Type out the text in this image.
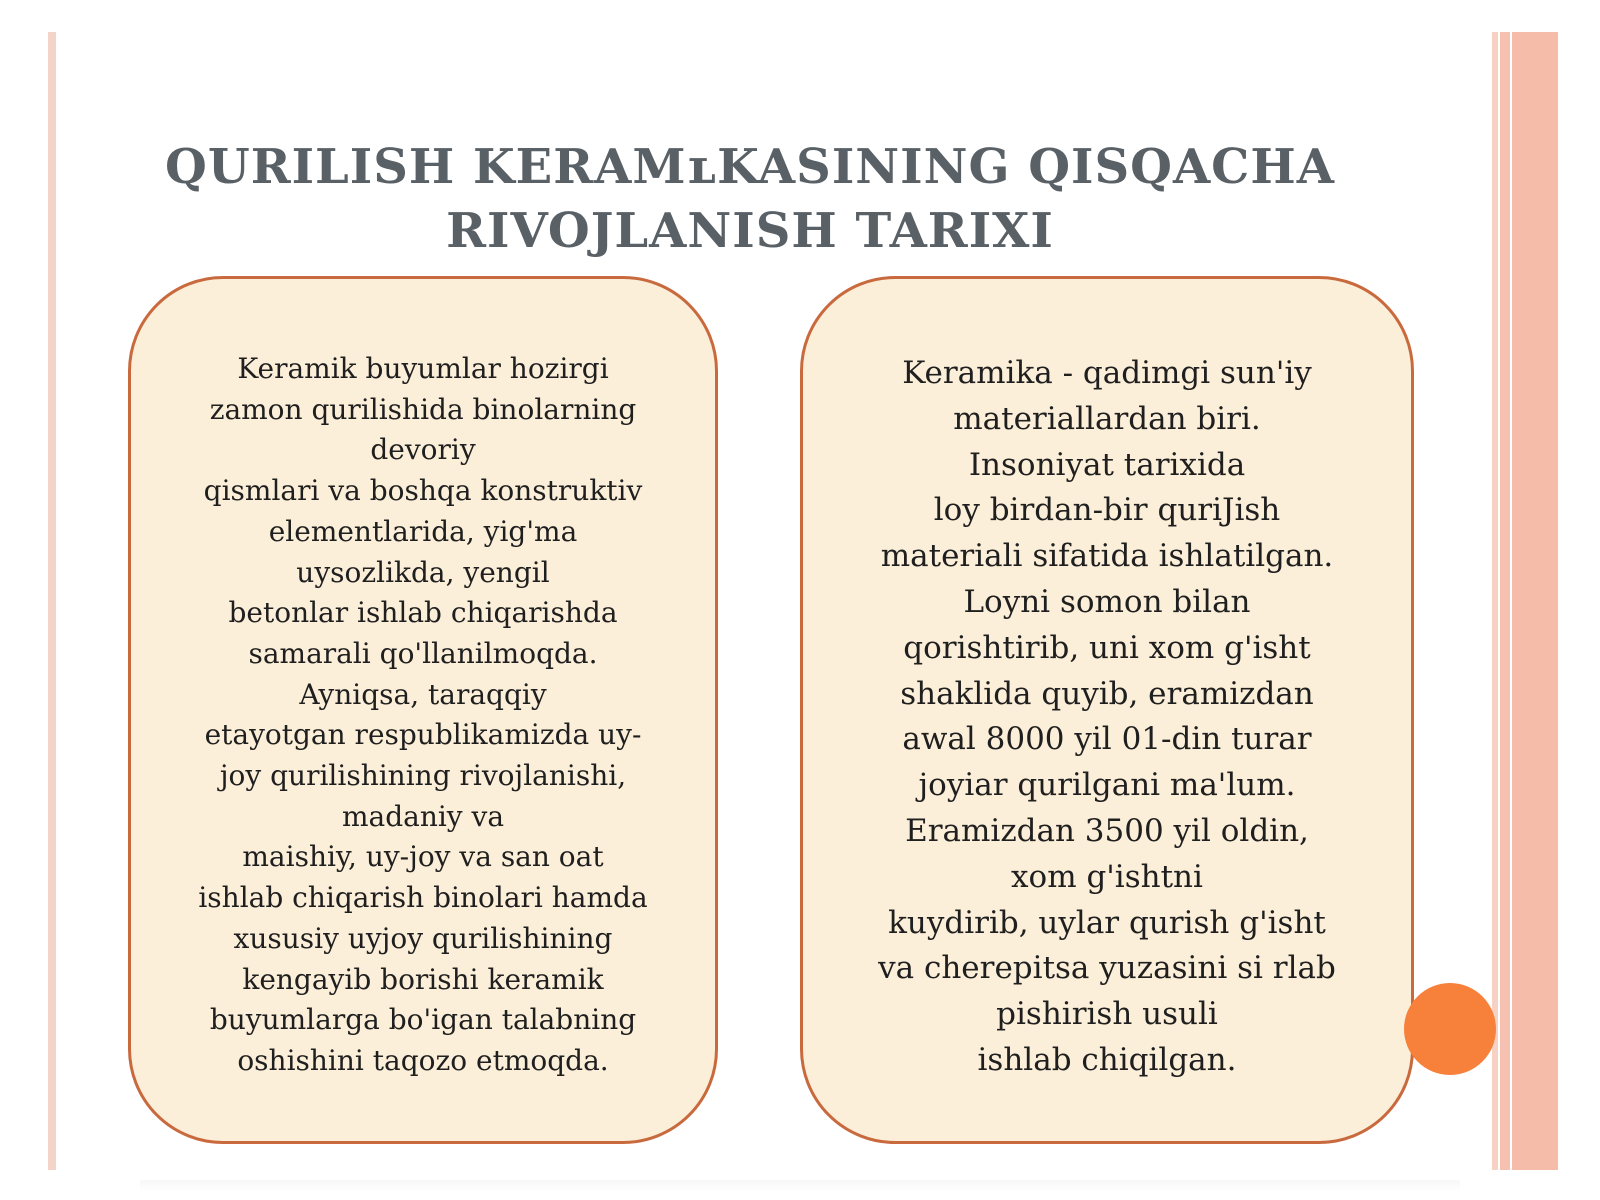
QURILISH KERAMʟKASINING QISQACHA
RIVOJLANISH TARIXI
Keramik buyumlar hozirgi
zamon qurilishida binolarning
devoriy
qismlari va boshqa konstruktiv
elementlarida, yig'ma
uysozlikda, yengil
betonlar ishlab chiqarishda
samarali qo'llanilmoqda.
Ayniqsa, taraqqiy
etayotgan respublikamizda uy-
joy qurilishining rivojlanishi,
madaniy va
maishiy, uy-joy va san oat
ishlab chiqarish binolari hamda
xususiy uyjoy qurilishining
kengayib borishi keramik
buyumlarga bo'igan talabning
oshishini taqozo etmoqda.
Keramika - qadimgi sun'iy
materiallardan biri.
Insoniyat tarixida
loy birdan-bir quriJish
materiali sifatida ishlatilgan.
Loyni somon bilan
qorishtirib, uni xom g'isht
shaklida quyib, eramizdan
awal 8000 yil 01-din turar
joyiar qurilgani ma'lum.
Eramizdan 3500 yil oldin,
xom g'ishtni
kuydirib, uylar qurish g'isht
va cherepitsa yuzasini si rlab
pishirish usuli
ishlab chiqilgan.
